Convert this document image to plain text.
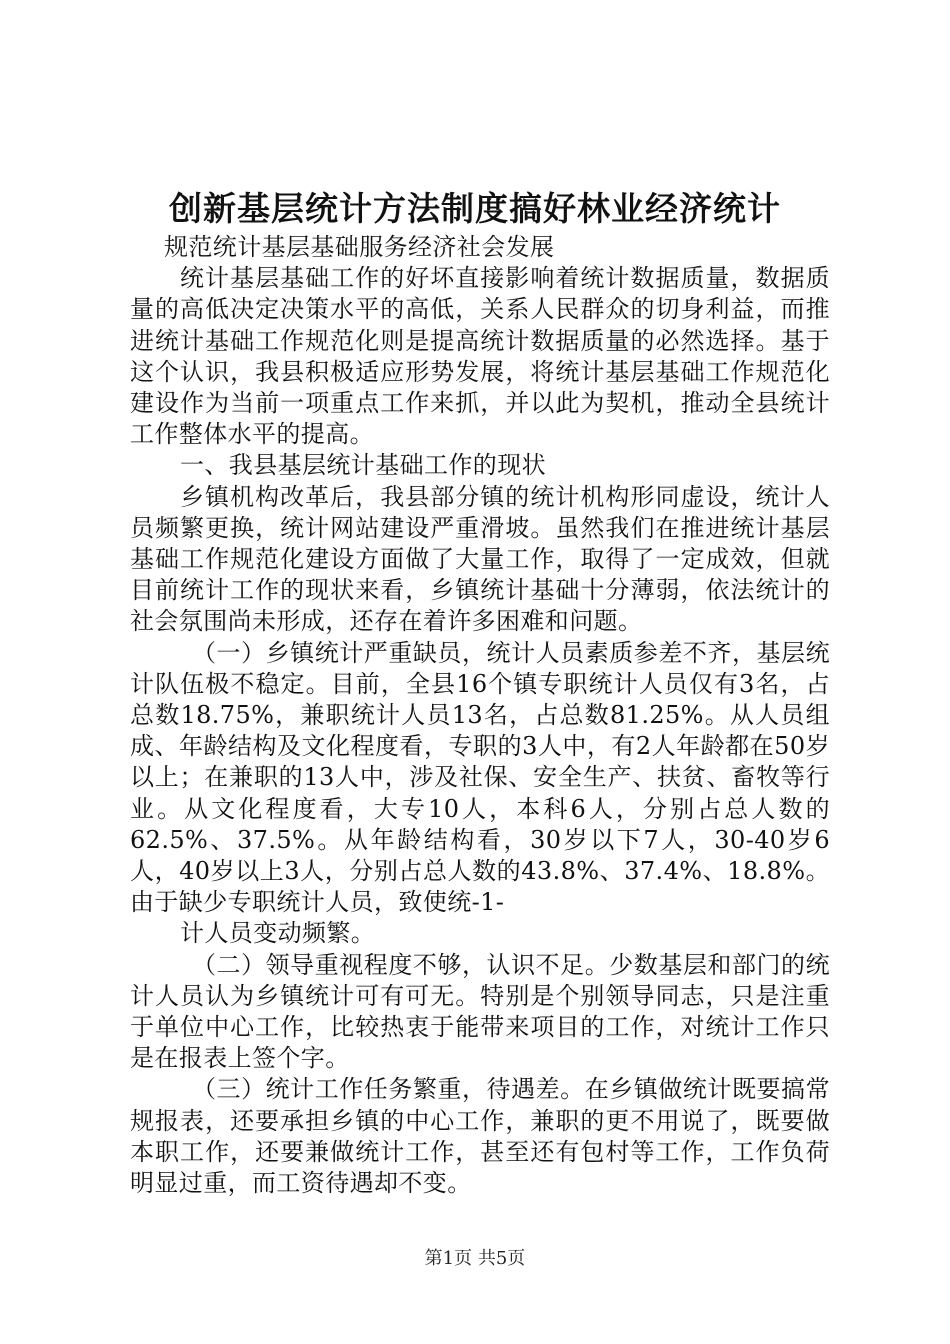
创新基层统计方法制度搞好林业经济统计

规范统计基层基础服务经济社会发展

统计基层基础工作的好坏直接影响着统计数据质量，数据质量的高低决定决策水平的高低，关系人民群众的切身利益，而推进统计基础工作规范化则是提高统计数据质量的必然选择。基于这个认识，我县积极适应形势发展，将统计基层基础工作规范化建设作为当前一项重点工作来抓，并以此为契机，推动全县统计工作整体水平的提高。

一、我县基层统计基础工作的现状

乡镇机构改革后，我县部分镇的统计机构形同虚设，统计人员频繁更换，统计网站建设严重滑坡。虽然我们在推进统计基层基础工作规范化建设方面做了大量工作，取得了一定成效，但就目前统计工作的现状来看，乡镇统计基础十分薄弱，依法统计的社会氛围尚未形成，还存在着许多困难和问题。

（一）乡镇统计严重缺员，统计人员素质参差不齐，基层统计队伍极不稳定。目前，全县16个镇专职统计人员仅有3名，占总数18.75%，兼职统计人员13名，占总数81.25%。从人员组成、年龄结构及文化程度看，专职的3人中，有2人年龄都在50岁以上；在兼职的13人中，涉及社保、安全生产、扶贫、畜牧等行业。从文化程度看，大专10人，本科6人，分别占总人数的62.5%、37.5%。从年龄结构看，30岁以下7人，30-40岁6人，40岁以上3人，分别占总人数的43.8%、37.4%、18.8%。由于缺少专职统计人员，致使统-1-

计人员变动频繁。

（二）领导重视程度不够，认识不足。少数基层和部门的统计人员认为乡镇统计可有可无。特别是个别领导同志，只是注重于单位中心工作，比较热衷于能带来项目的工作，对统计工作只是在报表上签个字。

（三）统计工作任务繁重，待遇差。在乡镇做统计既要搞常规报表，还要承担乡镇的中心工作，兼职的更不用说了，既要做本职工作，还要兼做统计工作，甚至还有包村等工作，工作负荷明显过重，而工资待遇却不变。

第1页 共5页
